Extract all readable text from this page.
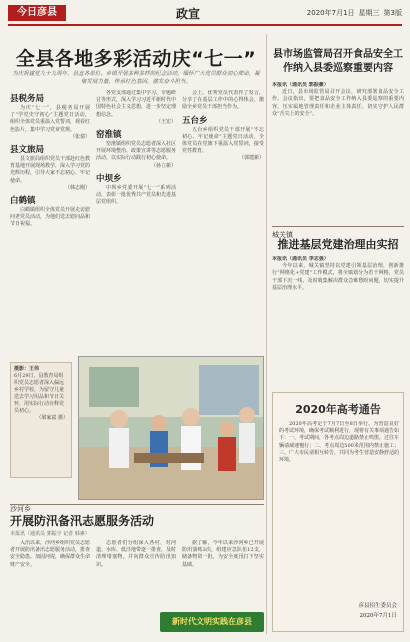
今日彦县	政宣	2020年7月1日 星期三 第3版
全县各地多彩活动庆“七一”
为庆祝建党九十九周年，县直各单位、乡镇开展多种多样的纪念活动，缅怀广大党员群众初心使命，凝聚发展力量，传承红色基因，激发奋斗担当。
县税务局

为庆“七一”，县税务局开展了“学党史守初心”主题党日活动，组织全体党员重温入党誓词，观看红色影片，集中学习党章党规。

（张倩）
县文旅局

县文旅局组织党员干部赴红色教育基地开展现场教学，深入学习党的光辉历程，引导大家不忘初心、牢记使命。

（韩志刚）
白鹤镇

白鹤镇组织全体党员开展走访慰问老党员活动，为他们送去慰问品和节日祝福。

各党支部通过集中学习、专题研讨等形式，深入学习习近平新时代中国特色社会主义思想，进一步坚定理想信念。

（王宏）
窑淮镇

窑淮镇组织党员志愿者深入社区开展环境整治、政策宣讲等志愿服务活动，以实际行动践行初心使命。

（孙立新）
中坝乡

中坝乡党委开展“七一”系列活动，表彰一批优秀共产党员和先进基层党组织。

会上，优秀党员代表作了发言，分享了在基层工作中的心得体会，激励全乡党员干部担当作为。

五台乡

五台乡组织党员干部开展“不忘初心、牢记使命”主题党日活动，全体党员在党旗下重温入党誓词，接受党性教育。

（郭建新）
摄影：王伟
6月29日，县教育局组织党员志愿者深入偏远乡村学校，为留守儿童送去学习用品和节日关怀，用实际行动诠释党员初心。
（梁家富 摄）
沙河乡
开展防汛备汛志愿服务活动
本报讯（通讯员 郭振宇 记者 韩素）

入汛以来，沙河乡组织党员志愿者开展防汛备汛志愿服务活动，排查安全隐患，加固河堤，确保群众生命财产安全。

志愿者们分组深入各村，对河道、水库、低洼地带逐一排查，及时清理堵塞物，并向群众宣传防汛知识。

据了解，今年以来沙河乡已开展防汛演练3次，组建应急队伍12支，储备物资一批，为安全度汛打下坚实基础。

新时代文明实践在彦县
县市场监管局召开食品安全工作纳入县委巡察重要内容
本报讯（通讯员 郭振豪）

近日，县市场监管局召开会议，研究部署食品安全工作。会议指出，要把食品安全工作纳入县委巡察的重要内容，压实属地管理责任和企业主体责任，切实守护人民群众“舌尖上的安全”。

城关镇
推进基层党建治理由实招
本报讯（通讯员 李志强）

今年以来，城关镇坚持以党建引领基层治理，创新推行“网格化+党建”工作模式，将全镇划分为若干网格，党员干部下沉一线，及时收集解决群众急难愁盼问题，切实提升基层治理水平。

2020年高考通告

2020年高考定于7月7日至8日举行。为营造良好的考试环境，确保考试顺利进行，现将有关事项通告如下：一、考试期间，各考点周边道路禁止鸣笛，过往车辆请减速慢行；二、考点周边500米范围内禁止施工；三、广大市民请相互转告，共同为考生营造安静舒适的环境。

彦县招生委员会
2020年7月1日
